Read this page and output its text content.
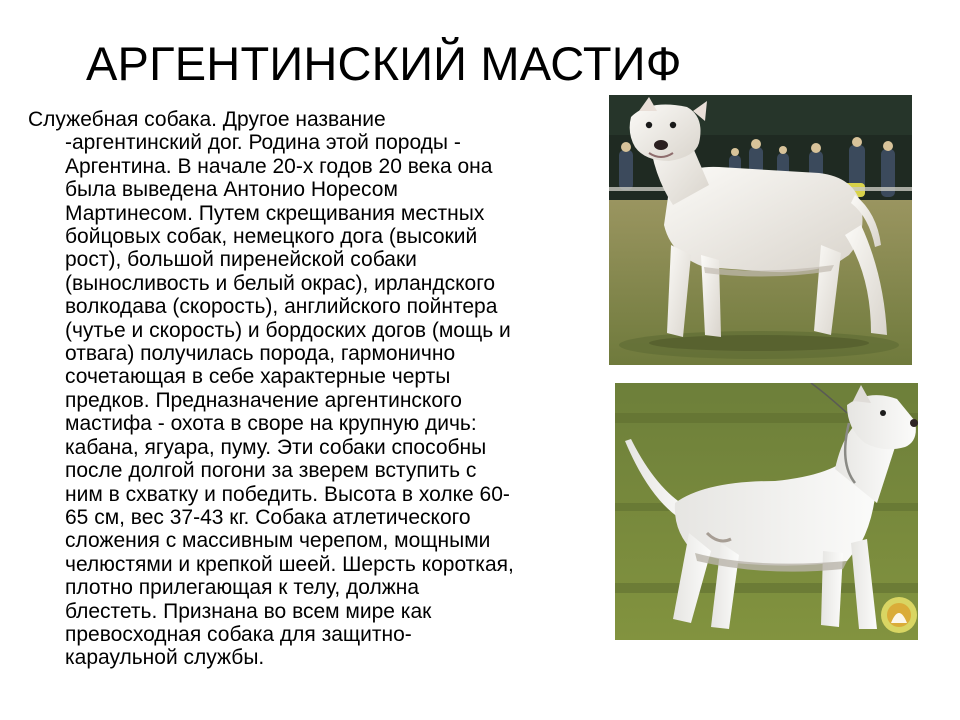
АРГЕНТИНСКИЙ МАСТИФ
Служебная собака. Другое название
-аргентинский дог. Родина этой породы -
Аргентина. В начале 20-х годов 20 века она
была выведена Антонио Норесом
Мартинесом. Путем скрещивания местных
бойцовых собак, немецкого дога (высокий
рост), большой пиренейской собаки
(выносливость и белый окрас), ирландского
волкодава (скорость), английского пойнтера
(чутье и скорость) и бордоских догов (мощь и
отвага) получилась порода, гармонично
сочетающая в себе характерные черты
предков. Предназначение аргентинского
мастифа - охота в своре на крупную дичь:
кабана, ягуара, пуму. Эти собаки способны
после долгой погони за зверем вступить с
ним в схватку и победить. Высота в холке 60-
65 см, вес 37-43 кг. Собака атлетического
сложения с массивным черепом, мощными
челюстями и крепкой шеей. Шерсть короткая,
плотно прилегающая к телу, должна
блестеть. Признана во всем мире как
превосходная собака для защитно-
караульной службы.
